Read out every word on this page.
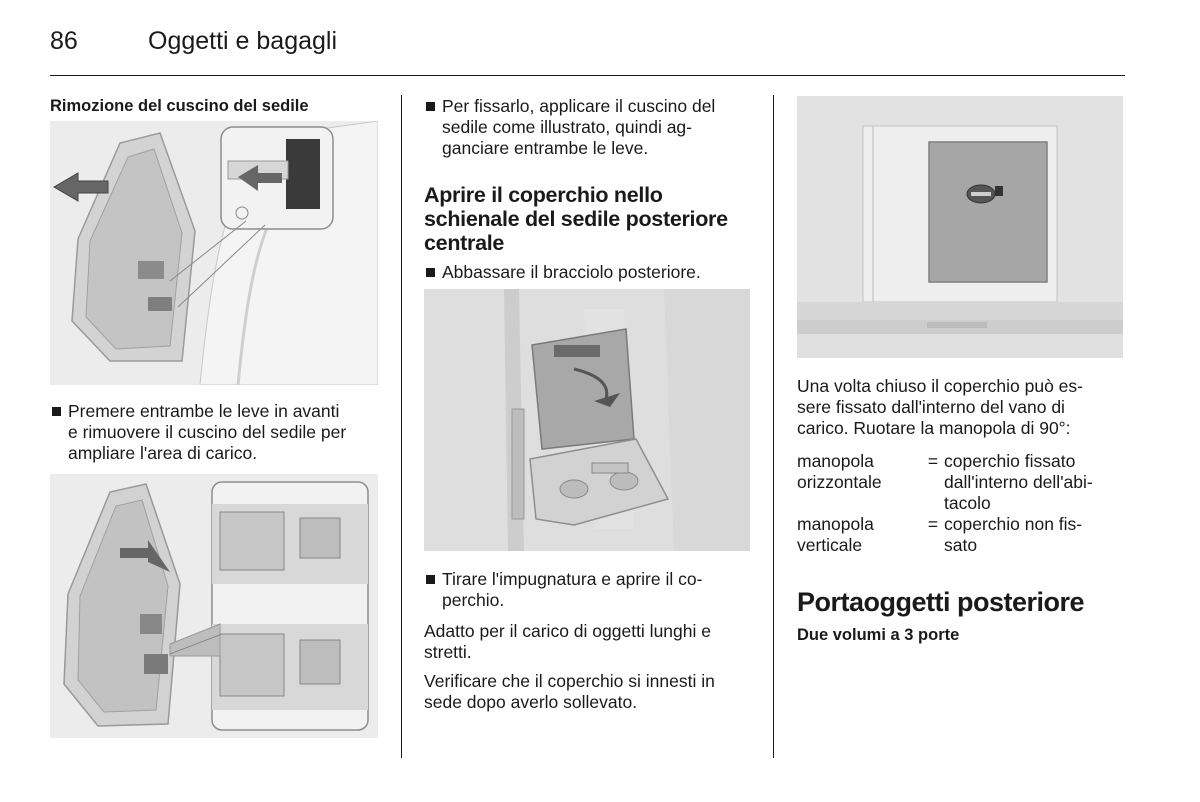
86	Oggetti e bagagli
Rimozione del cuscino del sedile
Premere entrambe le leve in avanti
e rimuovere il cuscino del sedile per
ampliare l'area di carico.
Per fissarlo, applicare il cuscino del
sedile come illustrato, quindi ag-
ganciare entrambe le leve.
Aprire il coperchio nello
schienale del sedile posteriore
centrale
Abbassare il bracciolo posteriore.
Tirare l'impugnatura e aprire il co-
perchio.
Adatto per il carico di oggetti lunghi e
stretti.
Verificare che il coperchio si innesti in
sede dopo averlo sollevato.
Una volta chiuso il coperchio può es-
sere fissato dall'interno del vano di
carico. Ruotare la manopola di 90°:
manopola
orizzontale
= coperchio fissato
dall'interno dell'abi-
tacolo
manopola
verticale
= coperchio non fis-
sato
Portaoggetti posteriore
Due volumi a 3 porte
